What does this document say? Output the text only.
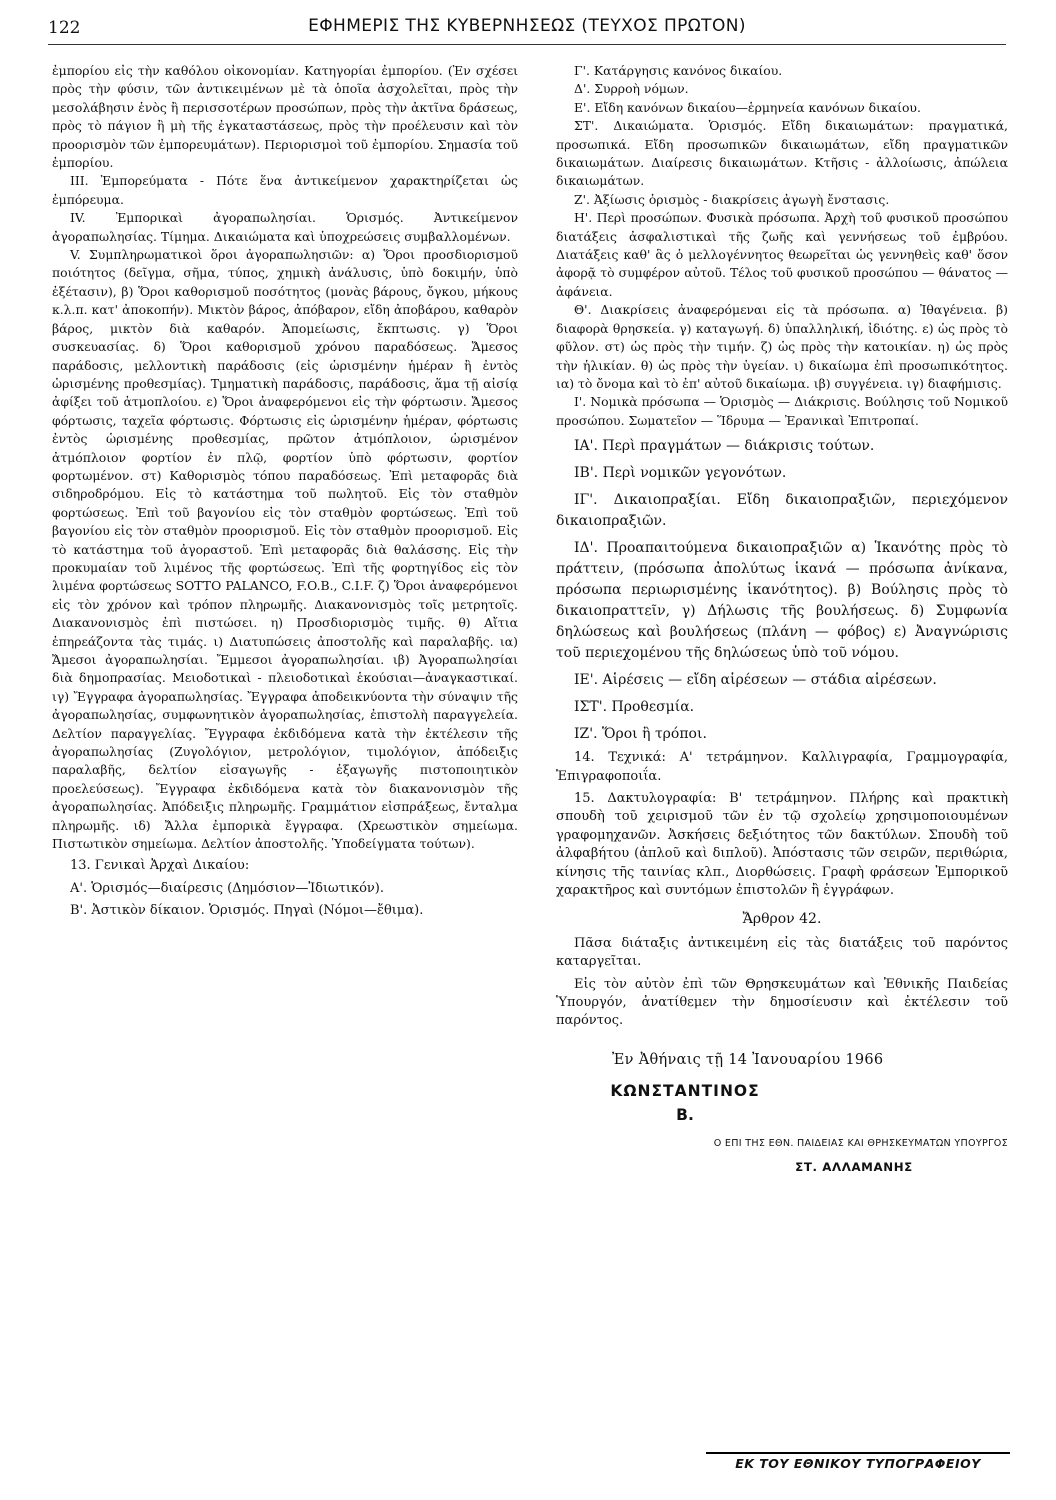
122	ΕΦΗΜΕΡΙΣ ΤΗΣ ΚΥΒΕΡΝΗΣΕΩΣ (ΤΕΥΧΟΣ ΠΡΩΤΟΝ)

ἐμπορίου εἰς τὴν καθόλου οἰκονομίαν. Κατηγορίαι ἐμπορίου. (Ἐν σχέσει πρὸς τὴν φύσιν, τῶν ἀντικειμένων μὲ τὰ ὁποῖα ἀσχολεῖται, πρὸς τὴν μεσολάβησιν ἑνὸς ἢ περισσοτέρων προσώπων, πρὸς τὴν ἀκτῖνα δράσεως, πρὸς τὸ πάγιον ἢ μὴ τῆς ἐγκαταστάσεως, πρὸς τὴν προέλευσιν καὶ τὸν προορισμὸν τῶν ἐμπορευμάτων). Περιορισμοὶ τοῦ ἐμπορίου. Σημασία τοῦ ἐμπορίου.

ΙΙΙ. Ἐμπορεύματα - Πότε ἕνα ἀντικείμενον χαρακτηρίζεται ὡς ἐμπόρευμα.

ΙV. Ἐμπορικαὶ ἀγοραπωλησίαι. Ὁρισμός. Ἀντικείμενον ἀγοραπωλησίας. Τίμημα. Δικαιώματα καὶ ὑποχρεώσεις συμβαλλομένων.

V. Συμπληρωματικοὶ ὅροι ἀγοραπωλησιῶν: α) Ὅροι προσδιορισμοῦ ποιότητος (δεῖγμα, σῆμα, τύπος, χημικὴ ἀνάλυσις, ὑπὸ δοκιμήν, ὑπὸ ἐξέτασιν), β) Ὅροι καθορισμοῦ ποσότητος (μονὰς βάρους, ὄγκου, μήκους κ.λ.π. κατ' ἀποκοπήν). Μικτὸν βάρος, ἀπόβαρον, εἴδη ἀποβάρου, καθαρὸν βάρος, μικτὸν διὰ καθαρόν. Ἀπομείωσις, ἔκπτωσις. γ) Ὅροι συσκευασίας. δ) Ὅροι καθορισμοῦ χρόνου παραδόσεως. Ἄμεσος παράδοσις, μελλοντικὴ παράδοσις (εἰς ὡρισμένην ἡμέραν ἢ ἐντὸς ὡρισμένης προθεσμίας). Τμηματικὴ παράδοσις, παράδοσις, ἅμα τῇ αἰσίᾳ ἀφίξει τοῦ ἀτμοπλοίου. ε) Ὅροι ἀναφερόμενοι εἰς τὴν φόρτωσιν. Ἄμεσος φόρτωσις, ταχεῖα φόρτωσις. Φόρτωσις εἰς ὡρισμένην ἡμέραν, φόρτωσις ἐντὸς ὡρισμένης προθεσμίας, πρῶτον ἀτμόπλοιον, ὡρισμένον ἀτμόπλοιον φορτίον ἐν πλῷ, φορτίον ὑπὸ φόρτωσιν, φορτίον φορτωμένον. στ) Καθορισμὸς τόπου παραδόσεως. Ἐπὶ μεταφορᾶς διὰ σιδηροδρόμου. Εἰς τὸ κατάστημα τοῦ πωλητοῦ. Εἰς τὸν σταθμὸν φορτώσεως. Ἐπὶ τοῦ βαγονίου εἰς τὸν σταθμὸν φορτώσεως. Ἐπὶ τοῦ βαγονίου εἰς τὸν σταθμὸν προορισμοῦ. Εἰς τὸν σταθμὸν προορισμοῦ. Εἰς τὸ κατάστημα τοῦ ἀγοραστοῦ. Ἐπὶ μεταφορᾶς διὰ θαλάσσης. Εἰς τὴν προκυμαίαν τοῦ λιμένος τῆς φορτώσεως. Ἐπὶ τῆς φορτηγίδος εἰς τὸν λιμένα φορτώσεως SOTTO PALANCO, F.O.B., C.I.F. ζ) Ὅροι ἀναφερόμενοι εἰς τὸν χρόνον καὶ τρόπον πληρωμῆς. Διακανονισμὸς τοῖς μετρητοῖς. Διακανονισμὸς ἐπὶ πιστώσει. η) Προσδιορισμὸς τιμῆς. θ) Αἴτια ἐπηρεάζοντα τὰς τιμάς. ι) Διατυπώσεις ἀποστολῆς καὶ παραλαβῆς. ια) Ἄμεσοι ἀγοραπωλησίαι. Ἔμμεσοι ἀγοραπωλησίαι. ιβ) Ἀγοραπωλησίαι διὰ δημοπρασίας. Μειοδοτικαὶ - πλειοδοτικαὶ ἑκούσιαι—ἀναγκαστικαί. ιγ) Ἔγγραφα ἀγοραπωλησίας. Ἔγγραφα ἀποδεικνύοντα τὴν σύναψιν τῆς ἀγοραπωλησίας, συμφωνητικὸν ἀγοραπωλησίας, ἐπιστολὴ παραγγελεία. Δελτίον παραγγελίας. Ἔγγραφα ἐκδιδόμενα κατὰ τὴν ἐκτέλεσιν τῆς ἀγοραπωλησίας (Ζυγολόγιον, μετρολόγιον, τιμολόγιον, ἀπόδειξις παραλαβῆς, δελτίον εἰσαγωγῆς - ἐξαγωγῆς πιστοποιητικὸν προελεύσεως). Ἔγγραφα ἐκδιδόμενα κατὰ τὸν διακανονισμὸν τῆς ἀγοραπωλησίας. Ἀπόδειξις πληρωμῆς. Γραμμάτιον εἰσπράξεως, ἔνταλμα πληρωμῆς. ιδ) Ἄλλα ἐμπορικὰ ἔγγραφα. (Χρεωστικὸν σημείωμα. Πιστωτικὸν σημείωμα. Δελτίον ἀποστολῆς. Ὑποδείγματα τούτων).

13. Γενικαὶ Ἀρχαὶ Δικαίου:

Α'. Ὁρισμός—διαίρεσις (Δημόσιον—Ἰδιωτικόν).

Β'. Ἀστικὸν δίκαιον. Ὁρισμός. Πηγαὶ (Νόμοι—ἔθιμα).

Γ'. Κατάργησις κανόνος δικαίου.

Δ'. Συρροὴ νόμων.

Ε'. Εἴδη κανόνων δικαίου—ἑρμηνεία κανόνων δικαίου.

ΣΤ'. Δικαιώματα. Ὁρισμός. Εἴδη δικαιωμάτων: πραγματικά, προσωπικά. Εἴδη προσωπικῶν δικαιωμάτων, εἴδη πραγματικῶν δικαιωμάτων. Διαίρεσις δικαιωμάτων. Κτῆσις - ἀλλοίωσις, ἀπώλεια δικαιωμάτων.

Ζ'. Ἀξίωσις ὁρισμὸς - διακρίσεις ἀγωγὴ ἔνστασις.

Η'. Περὶ προσώπων. Φυσικὰ πρόσωπα. Ἀρχὴ τοῦ φυσικοῦ προσώπου διατάξεις ἀσφαλιστικαὶ τῆς ζωῆς καὶ γεννήσεως τοῦ ἐμβρύου. Διατάξεις καθ' ἃς ὁ μελλογέννητος θεωρεῖται ὡς γεννηθεὶς καθ' ὅσον ἀφορᾷ τὸ συμφέρον αὐτοῦ. Τέλος τοῦ φυσικοῦ προσώπου — θάνατος — ἀφάνεια.

Θ'. Διακρίσεις ἀναφερόμεναι εἰς τὰ πρόσωπα. α) Ἰθαγένεια. β) διαφορὰ θρησκεία. γ) καταγωγή. δ) ὑπαλληλική, ἰδιότης. ε) ὡς πρὸς τὸ φῦλον. στ) ὡς πρὸς τὴν τιμήν. ζ) ὡς πρὸς τὴν κατοικίαν. η) ὡς πρὸς τὴν ἡλικίαν. θ) ὡς πρὸς τὴν ὑγείαν. ι) δικαίωμα ἐπὶ προσωπικότητος. ια) τὸ ὄνομα καὶ τὸ ἐπ' αὐτοῦ δικαίωμα. ιβ) συγγένεια. ιγ) διαφήμισις.

Ι'. Νομικὰ πρόσωπα — Ὁρισμὸς — Διάκρισις. Βούλησις τοῦ Νομικοῦ προσώπου. Σωματεῖον — Ἵδρυμα — Ἐρανικαὶ Ἐπιτροπαί.

ΙΑ'. Περὶ πραγμάτων — διάκρισις τούτων.

ΙΒ'. Περὶ νομικῶν γεγονότων.

ΙΓ'. Δικαιοπραξίαι. Εἴδη δικαιοπραξιῶν, περιεχόμενον δικαιοπραξιῶν.

ΙΔ'. Προαπαιτούμενα δικαιοπραξιῶν α) Ἱκανότης πρὸς τὸ πράττειν, (πρόσωπα ἀπολύτως ἱκανά — πρόσωπα ἀνίκανα, πρόσωπα περιωρισμένης ἱκανότητος). β) Βούλησις πρὸς τὸ δικαιοπραττεῖν, γ) Δήλωσις τῆς βουλήσεως. δ) Συμφωνία δηλώσεως καὶ βουλήσεως (πλάνη — φόβος) ε) Ἀναγνώρισις τοῦ περιεχομένου τῆς δηλώσεως ὑπὸ τοῦ νόμου.

ΙΕ'. Αἱρέσεις — εἴδη αἱρέσεων — στάδια αἱρέσεων.

ΙΣΤ'. Προθεσμία.

ΙΖ'. Ὅροι ἢ τρόποι.

14. Τεχνικά: Α' τετράμηνον. Καλλιγραφία, Γραμμογραφία, Ἐπιγραφοποιΐα.

15. Δακτυλογραφία: Β' τετράμηνον. Πλήρης καὶ πρακτικὴ σπουδὴ τοῦ χειρισμοῦ τῶν ἐν τῷ σχολείῳ χρησιμοποιουμένων γραφομηχανῶν. Ἀσκήσεις δεξιότητος τῶν δακτύλων. Σπουδὴ τοῦ ἀλφαβήτου (ἁπλοῦ καὶ διπλοῦ). Ἀπόστασις τῶν σειρῶν, περιθώρια, κίνησις τῆς ταινίας κλπ., Διορθώσεις. Γραφὴ φράσεων Ἐμπορικοῦ χαρακτῆρος καὶ συντόμων ἐπιστολῶν ἢ ἐγγράφων.

Ἄρθρον 42.

Πᾶσα διάταξις ἀντικειμένη εἰς τὰς διατάξεις τοῦ παρόντος καταργεῖται.

Εἰς τὸν αὐτὸν ἐπὶ τῶν Θρησκευμάτων καὶ Ἐθνικῆς Παιδείας Ὑπουργόν, ἀνατίθεμεν τὴν δημοσίευσιν καὶ ἐκτέλεσιν τοῦ παρόντος.

Ἐν Ἀθήναις τῇ 14 Ἰανουαρίου 1966
ΚΩΝΣΤΑΝΤΙΝΟΣ
Β.
Ο ΕΠΙ ΤΗΣ ΕΘΝ. ΠΑΙΔΕΙΑΣ ΚΑΙ ΘΡΗΣΚΕΥΜΑΤΩΝ ΥΠΟΥΡΓΟΣ
ΣΤ. ΑΛΛΑΜΑΝΗΣ
ΕΚ ΤΟΥ ΕΘΝΙΚΟΥ ΤΥΠΟΓΡΑΦΕΙΟΥ
